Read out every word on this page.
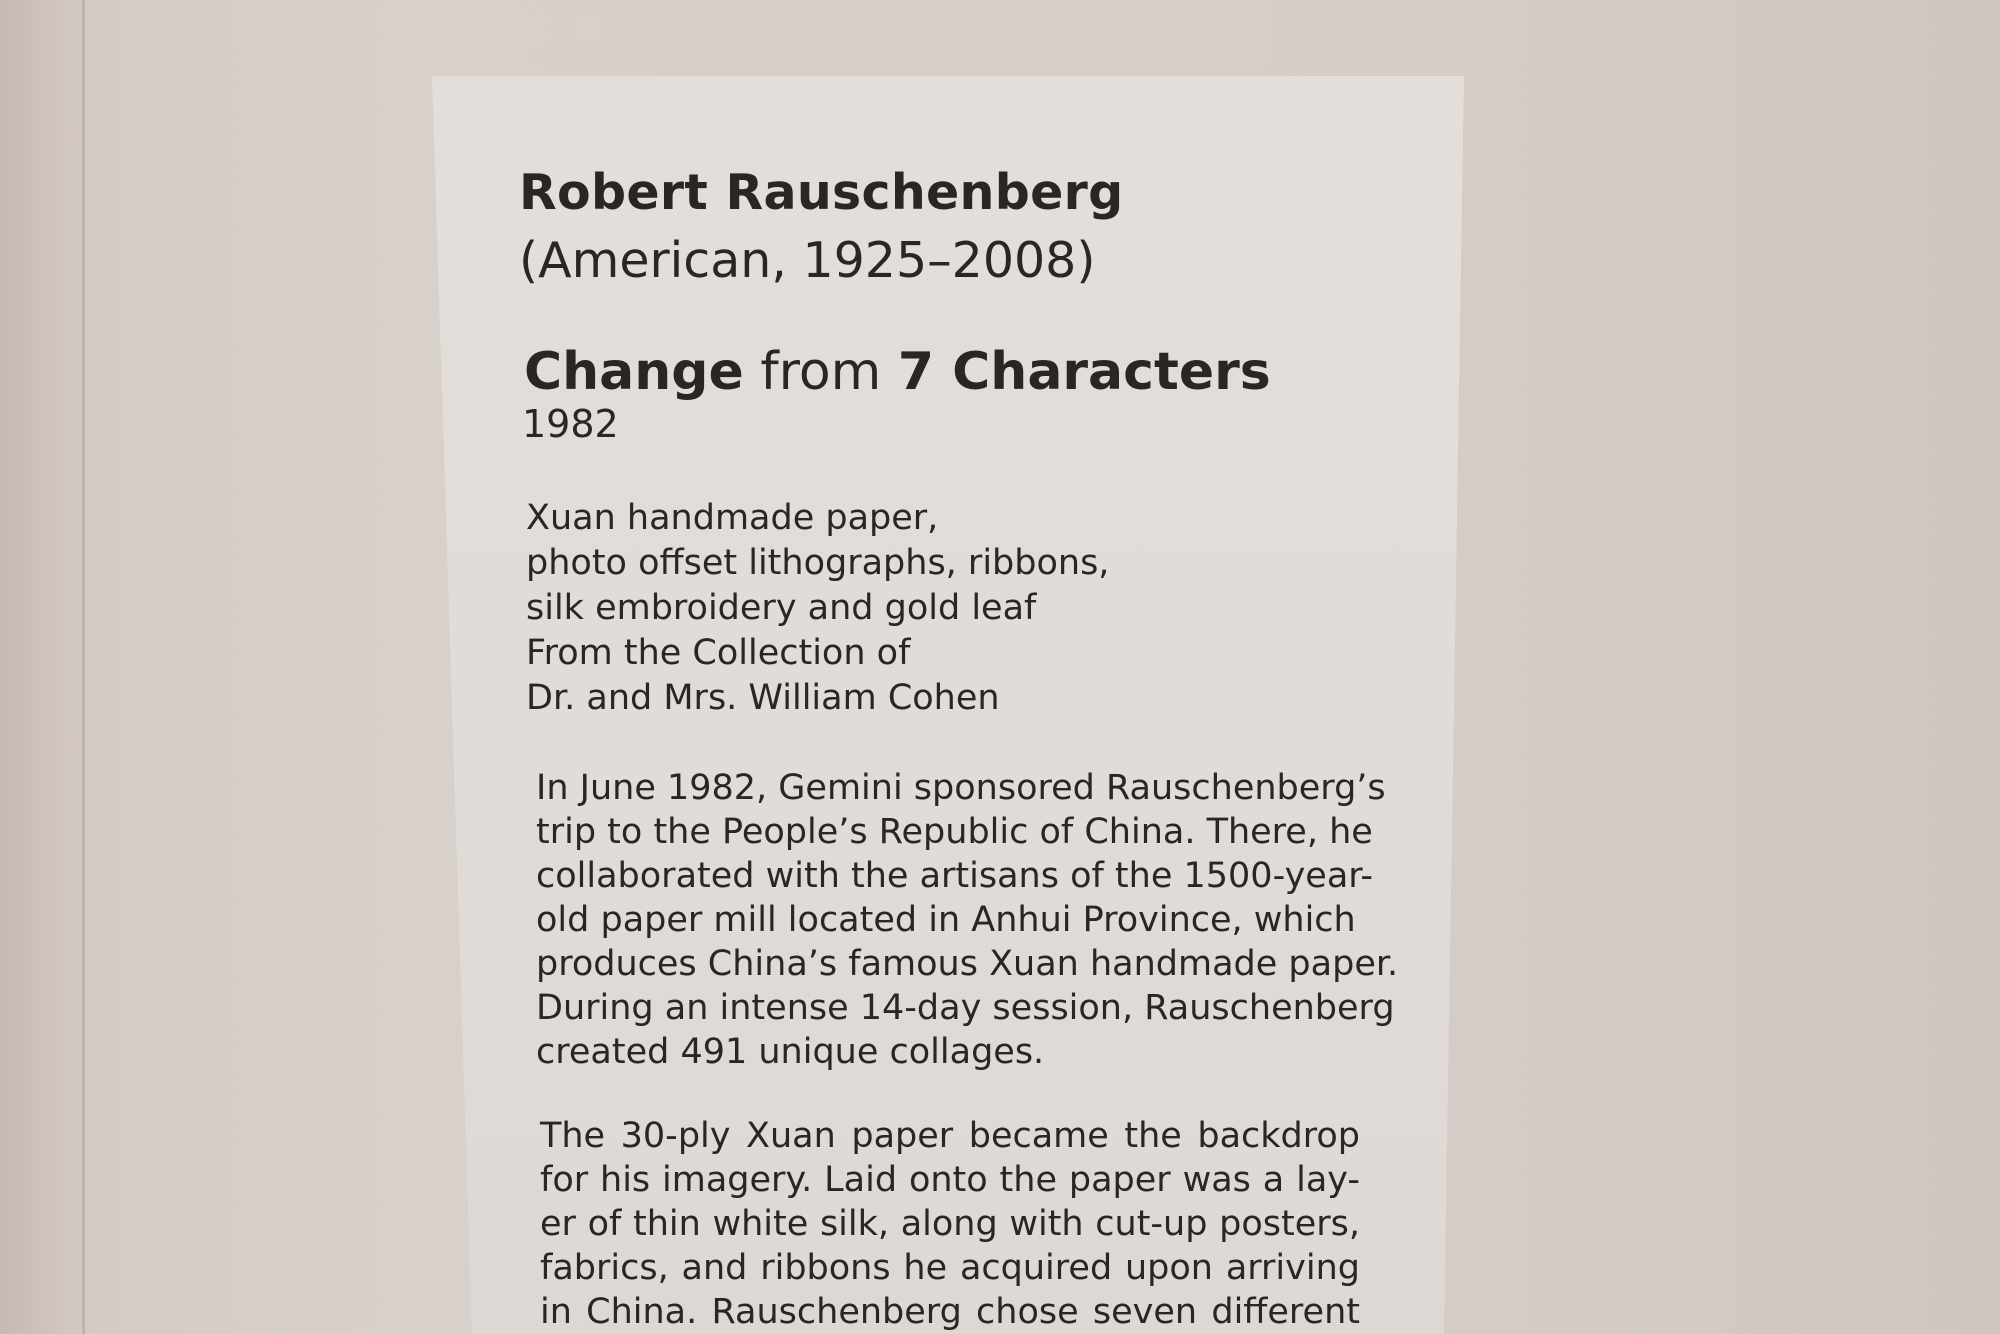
Robert Rauschenberg
(American, 1925–2008)
Change from 7 Characters
1982
Xuan handmade paper,
photo offset lithographs, ribbons,
silk embroidery and gold leaf
From the Collection of
Dr. and Mrs. William Cohen
In June 1982, Gemini sponsored Rauschenberg’s
trip to the People’s Republic of China. There, he
collaborated with the artisans of the 1500-year-
old paper mill located in Anhui Province, which
produces China’s famous Xuan handmade paper.
During an intense 14-day session, Rauschenberg
created 491 unique collages.
The 30-ply Xuan paper became the backdrop
for his imagery. Laid onto the paper was a lay-
er of thin white silk, along with cut-up posters,
fabrics, and ribbons he acquired upon arriving
in China. Rauschenberg chose seven different
